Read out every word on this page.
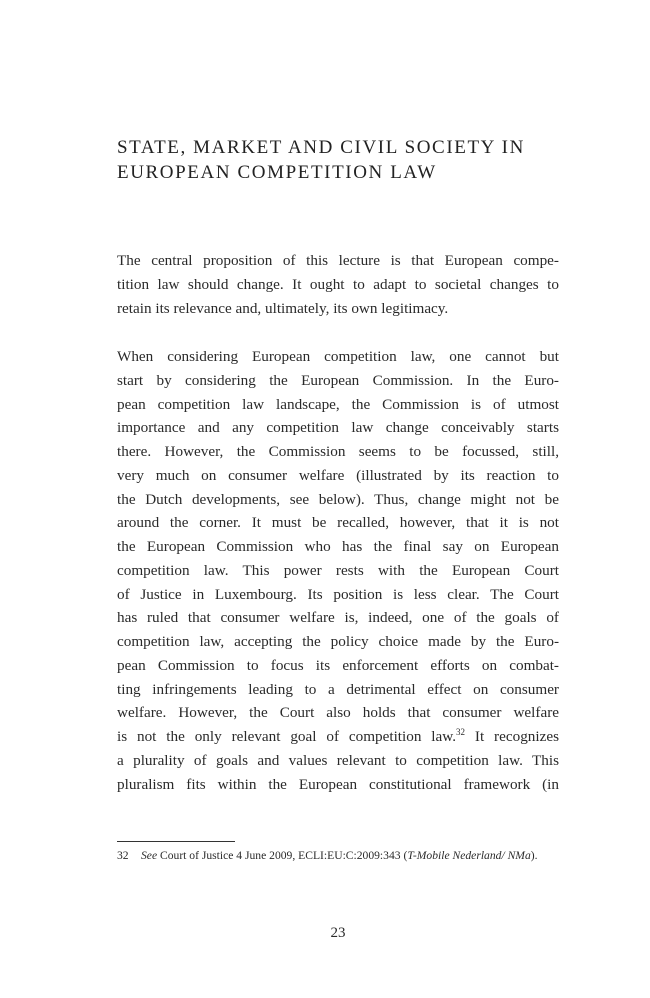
STATE, MARKET AND CIVIL SOCIETY IN
EUROPEAN COMPETITION LAW
The central proposition of this lecture is that European compe-
tition law should change. It ought to adapt to societal changes to
retain its relevance and, ultimately, its own legitimacy.
When considering European competition law, one cannot but
start by considering the European Commission. In the Euro-
pean competition law landscape, the Commission is of utmost
importance and any competition law change conceivably starts
there. However, the Commission seems to be focussed, still,
very much on consumer welfare (illustrated by its reaction to
the Dutch developments, see below). Thus, change might not be
around the corner. It must be recalled, however, that it is not
the European Commission who has the final say on European
competition law. This power rests with the European Court
of Justice in Luxembourg. Its position is less clear. The Court
has ruled that consumer welfare is, indeed, one of the goals of
competition law, accepting the policy choice made by the Euro-
pean Commission to focus its enforcement efforts on combat-
ting infringements leading to a detrimental effect on consumer
welfare. However, the Court also holds that consumer welfare
is not the only relevant goal of competition law.$^{32}$ It recognizes
a plurality of goals and values relevant to competition law. This
pluralism fits within the European constitutional framework (in
32 See Court of Justice 4 June 2009, ECLI:EU:C:2009:343 (T-Mobile Nederland/ NMa).
23
